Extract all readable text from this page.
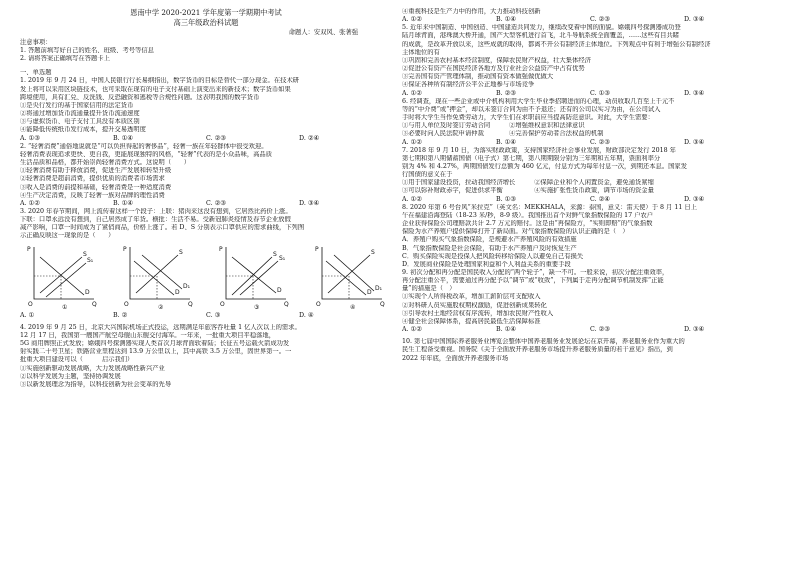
恩南中学 2020-2021 学年度第一学期期中考试

高三年级政治科试题

命题人：安双风、张著强

注意事项：

1. 答题前填写好自己的姓名、班级、考号等信息

2. 请将答案正确填写在答题卡上

一、单选题

1. 2019 年 9 月 24 日，中国人民银行行长易纲指出，数字货币的目标是替代一部分现金。在技术研

发上将可以采用区块链技术，也可采取在现有的电子支付基础上演变出来的新技术；数字货币如果

跨境使用，具有汇兑、反洗钱、反恐融资和逃税等合规性问题。这表明我国的数字货币

①是央行发行的基于国家信用的法定货币

②将通过增加货币流通量提升货币流通速度

③与虚拟货币、电子支付工具没有本质区别

④能降低传统纸币发行成本，提升交易透明度

A. ①③	B. ①④	C. ②③	D. ②④

2. “轻奢消费”通俗地说就是“可以负担得起的奢侈品”，轻奢一族在年轻群体中很受欢迎。

轻奢消费表现追求更快、更自我，更能展现独特的风格，“轻奢”代表的是小众品味，高品质

生活品质和品格，都开始崇尚轻奢消费方式。这说明（　　）

①轻奢消费有助于释放消费，促进生产发展和转型升级

②轻奢消费是超前消费，提供优质的消费者市场需求

③收入是消费的前提和基础，轻奢消费是一种适度消费

④生产决定消费，反映了轻奢一族对品牌的理性消费

A. ①②	B. ①④	C. ②③	D. ③④

3. 2020 年春节期间，网上流传着这样一个段子：上联：猪肉来这没有想到，它居然比药价上涨。

下联：口罩永远没有想到，自己居然成了年货。横批：生活不易。受新冠肺炎疫情及春节企业放假

减产影响，口罩一时间成为了紧俏商品，价格上涨了。若 D、S 分别表示口罩供应的需求曲线，下列图

示正确反映这一现象的是（　　）

S
S₁
D
P
O	Q
①
S
D
D₁
P
O	Q
②
S
S₁
D
P
O	Q
③
S
D₁
D
P
O	Q
④
A. ①	B. ②	C. ③	D. ④

4. 2019 年 9 月 25 日，北京大兴国际机场正式投运，远期满足年旅客吞吐量 1 亿人次以上的需求。

12 月 17 日，我国第一艘国产航空母舰山东舰交付海军。一年来，一批重大项目平稳落地，

5G 商用牌照正式发放；嫦娥四号探测器实现人类首次月球背面软着陆；长征五号运载火箭成功发

射实践二十号卫星；铁路营业里程达到 13.9 万公里以上，其中高铁 3.5 万公里，固世界第一。一

批重大项目建设可以（　　　启示我们）

①实施创新驱动发展战略，大力发展战略性新兴产业

②以科学发展为主题，坚持协调发展

③以新发展理念为指导，以科技创新为社会变革的先导

④重视科技是生产力中的作用，大力推动科技创新

A. ①②	B. ①④	C. ②③	D. ③④

5. 近年来中国制造、中国创造、中国建造共同发力，继续改变着中国的面貌。嫦娥四号探测器成功登

陆月球背面，港珠澳大桥开通，国产大型客机进行首飞，北斗导航系统全面覆盖，……这些有目共睹

的成就，是改革开放以来，这些成就的取得，都离不开公有制经济主体地位。下列观点中有利于增强公有制经济

主体地位的有

①巩固和完善农村基本经营制度，保障农民财产权益，壮大集体经济

②促进公有资产在国民经济各地方及行业社会公益资产中占有优势

③完善国有资产管理体制，推动国有资本做强做优做大

④保证各种所有制经济公平公正地参与市场竞争

A. ①②	B. ②③	C. ①③	D. ③④

6. 经调查，现在一些企业或中介机构利用大学生毕业季招聘进而的心理，动员收取几百至上千元不

等的“中介费”或“押金”，却以未签订合同为由不予退还；还有的公司以实习为由，在公司试入

手时将大学生当作免费劳动力，大学生们在求职前应当提高防范意识。对此，大学生需要：

①与用人单位及时签订劳动合同　　　②增强维权意识和法律意识

③必要时向人民法院申请仲裁　　　　④完善保护劳动者合法权益的机制

A. ①②	B. ①④	C. ②③	D. ③④

7. 2018 年 9 月 10 日，为落实财政政策，支持国家经济社会事业发展，财政部决定发行 2018 年

第七期和第八期储蓄国债（电子式）第七期，第八期期限分别为三年期和五年期，票面利率分

别为 4% 和 4.27%，两期国债发行总额为 460 亿元，付息方式为每年付息一次，到期还本息。国家发

行国债的意义在于

①用于国家建设投资，拉动我国经济增长　　　②保障企业和个人闲置资金，避免通货紧缩

③可以弥补财政赤字，促进供求平衡　　　　　④实施扩张性货币政策，调节市场的资金量

A. ①②	B. ①③	C. ②④	D. ③④

8. 2020 年第 6 号台风“米拉克”（英文名：MEKKHALA，来源：泰国，意义：雷天使）于 8 月 11 日上

午在福建沿海登陆（18-23 米/秒，8-9 级）。我国推出首个对鲜气象指数保险的 17 户农户

企业获得保险公司理赔款共计 2.7 万元的赔付。这是由“再保险方，“实则即赔”的气象指数

保险为水产养殖户提供保障打开了新局面。对气象指数保险的认识正确的是（　）

A．养殖户购买气象指数保险，是规避水产养殖风险的有效措施

B．气象指数保险是社会保险，有助于水产养殖户及时恢复生产

C．购买保险实现是投保人把风险转移给保险人以避免自己有损失

D．发展商业保险是处理国家利益和个人利益关系的重要手段

9. 初次分配和再分配是国民收入分配的“两个轮子”，缺一不可。一般来说，初次分配注重效率，

再分配注重公平，需要通过再分配予以“调节”或“收敛”，下列属于走再分配调节机制发挥“正能

量”的措施是（　）

①实现个人所得税改革，增加工薪阶层可支配收入

②对科研人员实施股权期权激励，促进创新成果转化

③引导农村土地经营权有序流转，增加农民财产性收入

④健全社会保障体系，提高居民最低生活保障标准

A. ①②	B. ①④	C. ②③	D. ③④

10. 第七届中国国际养老服务业博览会整体中国养老服务业发展论坛在京开幕，养老服务业作为重大的

民生工程备受重视。国务院《关于全面放开养老服务市场提升养老服务质量的若干意见》指出，到

2022 年年底，全面放开养老服务市场
